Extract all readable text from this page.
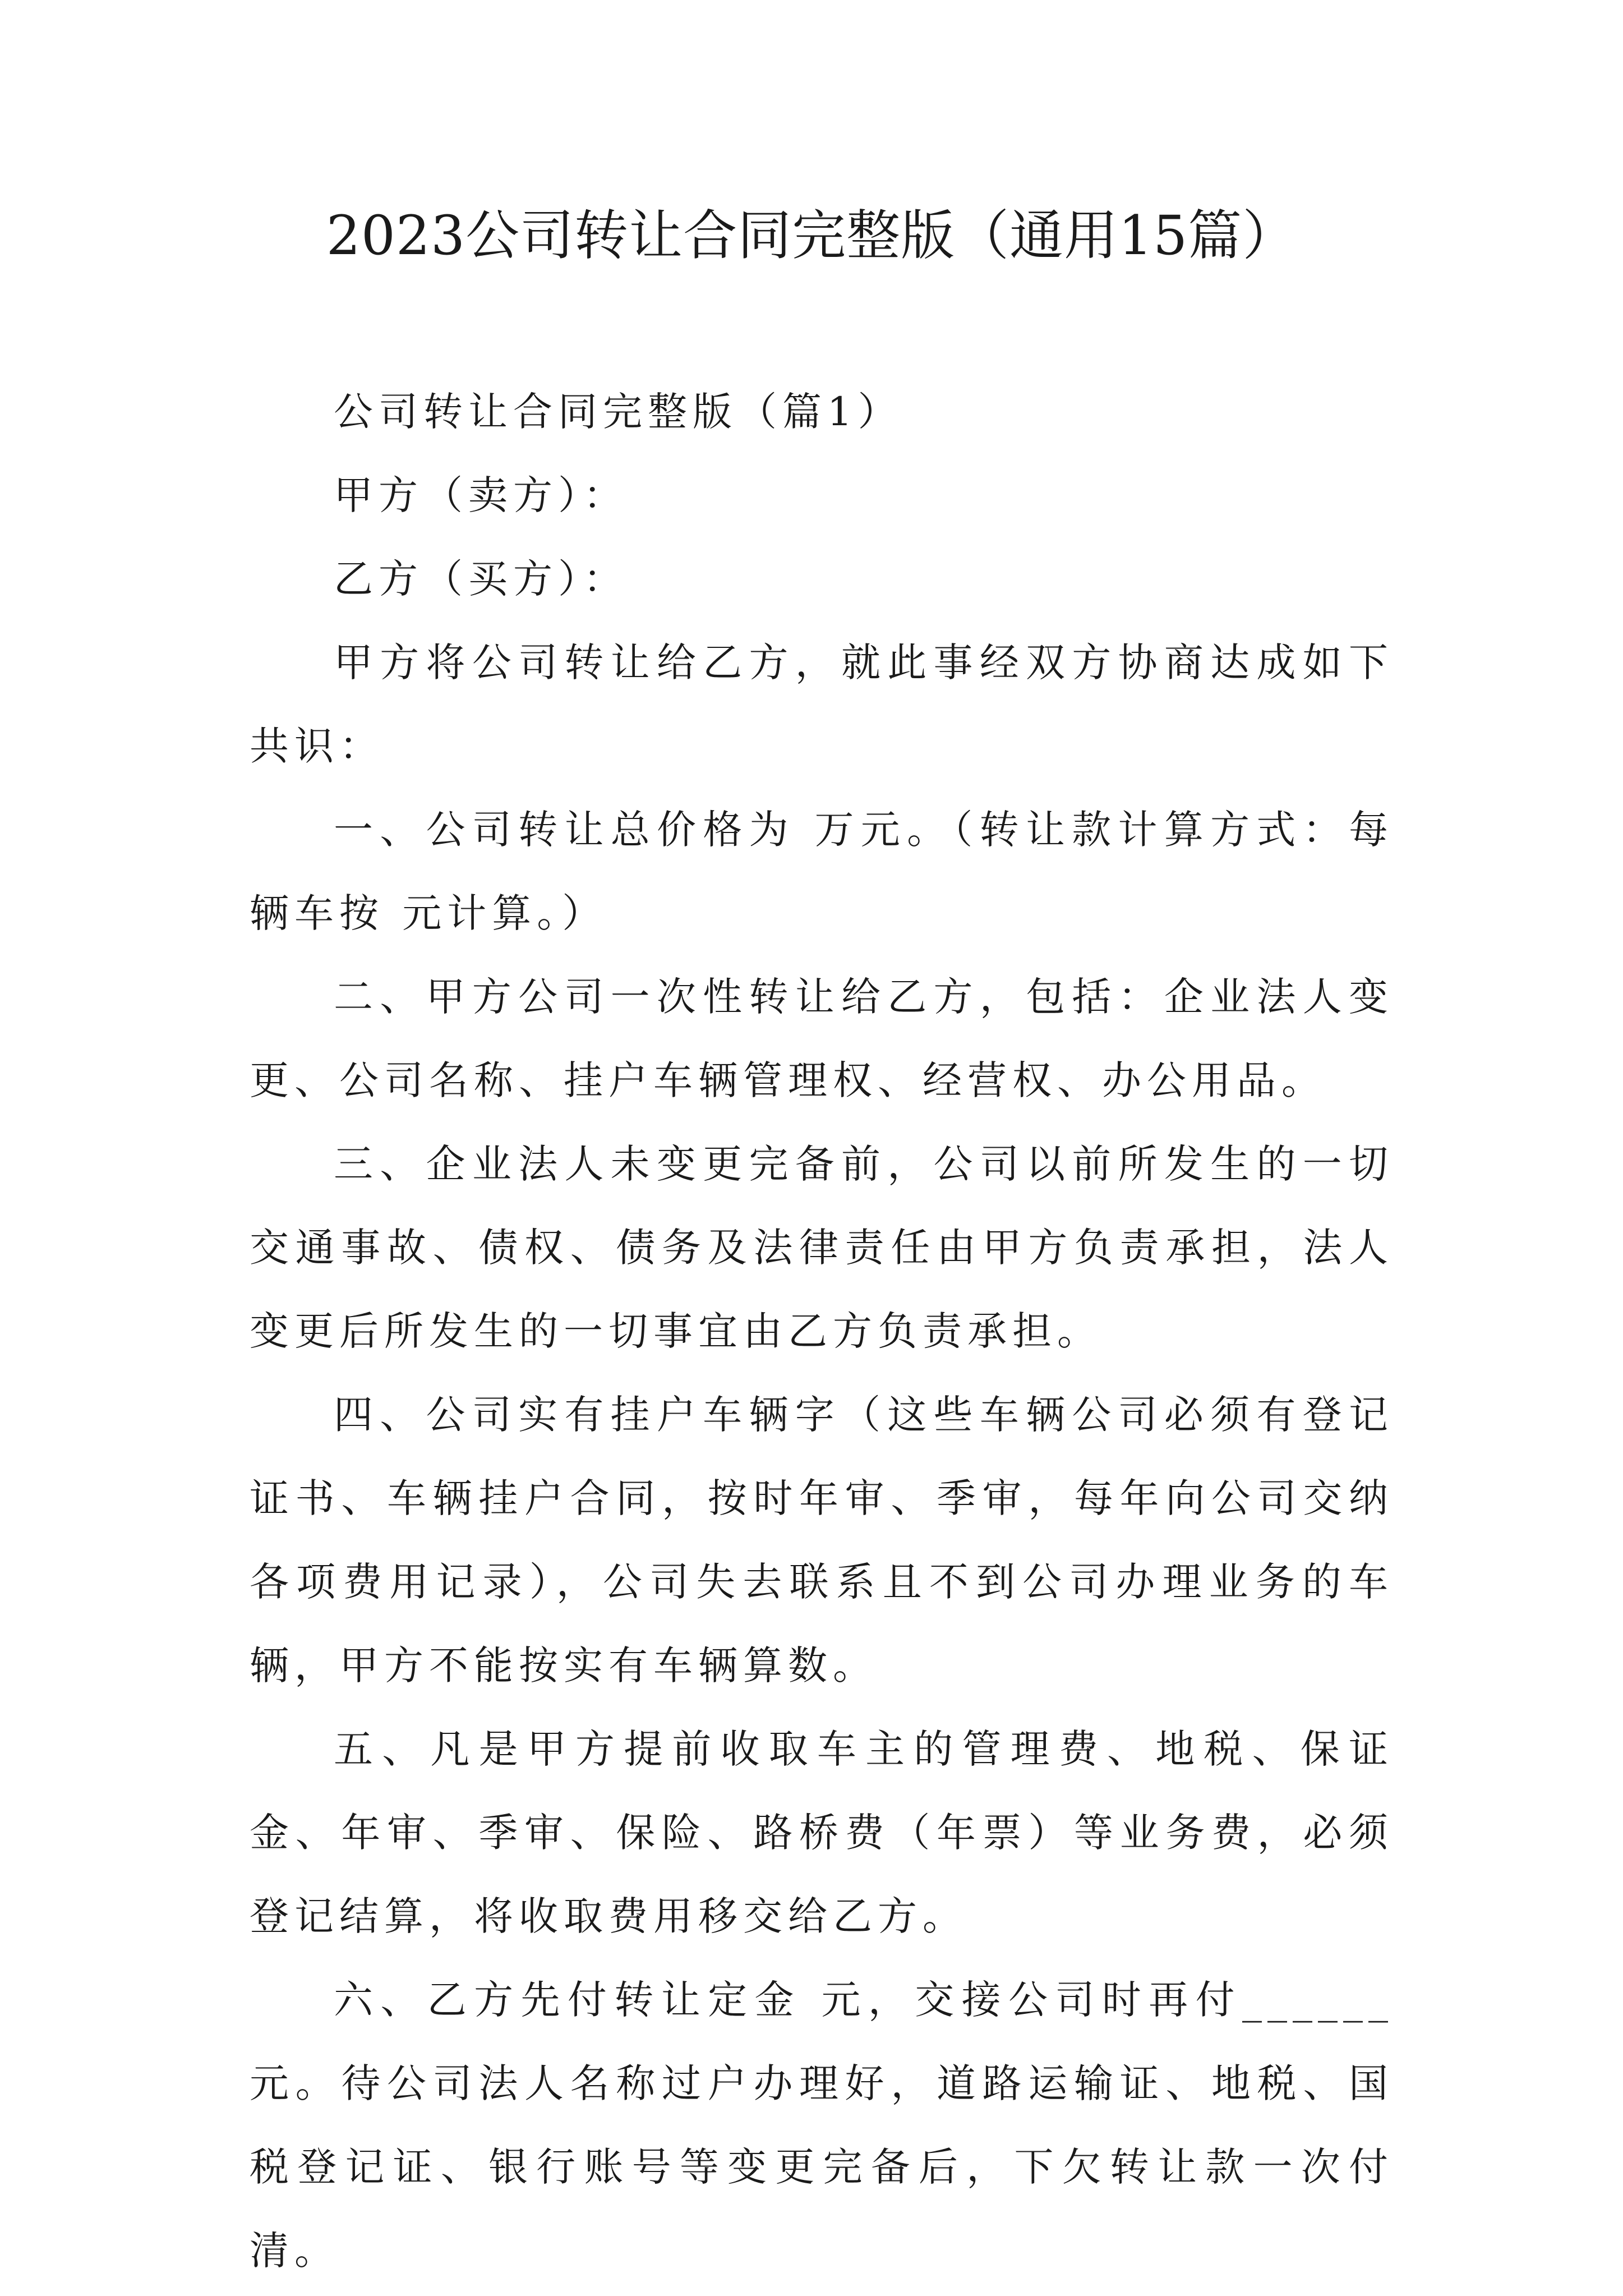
2023公司转让合同完整版（通用15篇）

公司转让合同完整版（篇1）

甲方（卖方）：

乙方（买方）：

甲方将公司转让给乙方，就此事经双方协商达成如下共识：

一、公司转让总价格为 万元。（转让款计算方式：每辆车按 元计算。）

二、甲方公司一次性转让给乙方，包括：企业法人变更、公司名称、挂户车辆管理权、经营权、办公用品。

三、企业法人未变更完备前，公司以前所发生的一切交通事故、债权、债务及法律责任由甲方负责承担，法人变更后所发生的一切事宜由乙方负责承担。

四、公司实有挂户车辆字（这些车辆公司必须有登记证书、车辆挂户合同，按时年审、季审，每年向公司交纳各项费用记录），公司失去联系且不到公司办理业务的车辆，甲方不能按实有车辆算数。

五、凡是甲方提前收取车主的管理费、地税、保证金、年审、季审、保险、路桥费（年票）等业务费，必须登记结算，将收取费用移交给乙方。

六、乙方先付转让定金 元，交接公司时再付______元。待公司法人名称过户办理好，道路运输证、地税、国税登记证、银行账号等变更完备后，下欠转让款一次付清。
